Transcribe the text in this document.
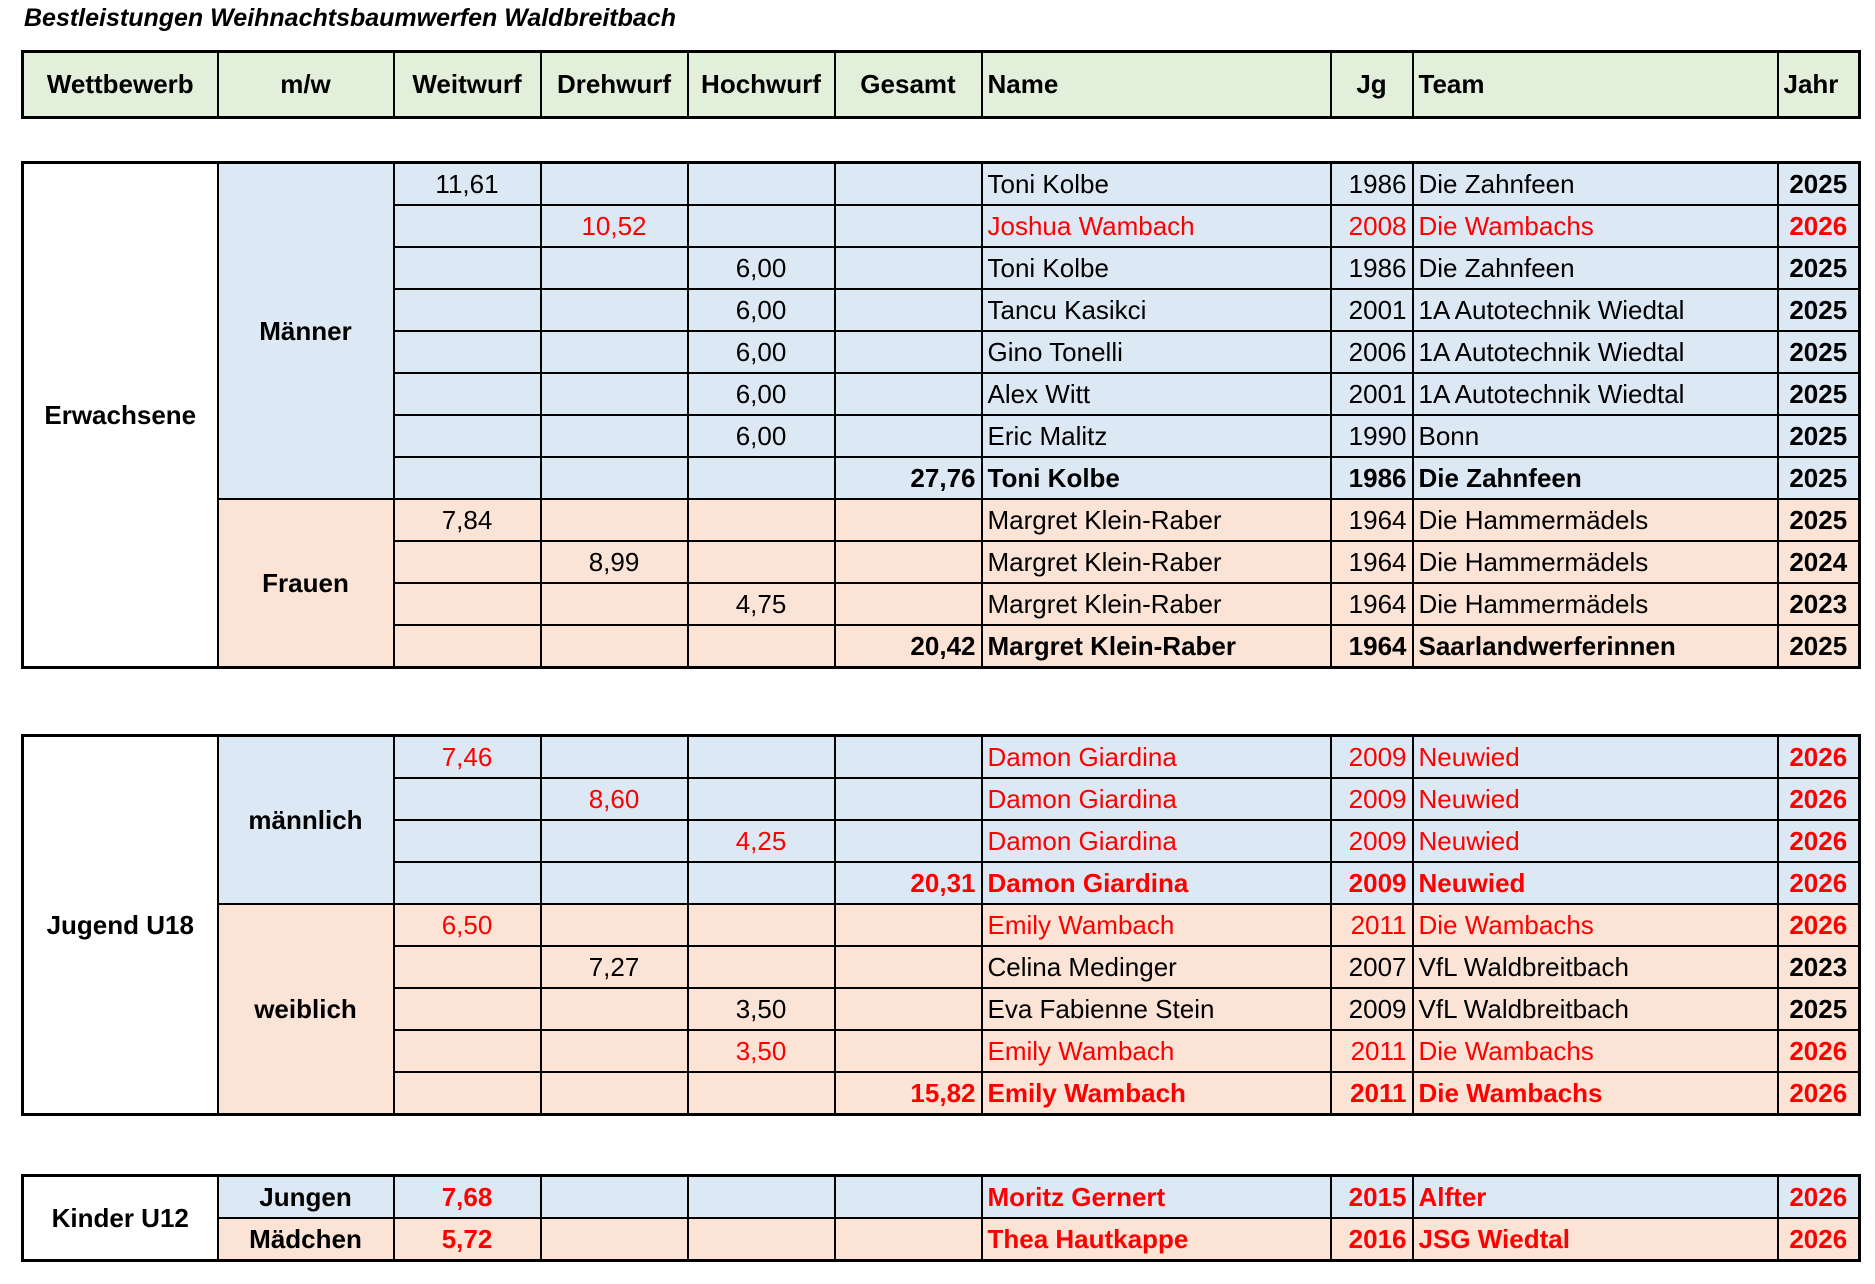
Bestleistungen Weihnachtsbaumwerfen Waldbreitbach
Wettbewerb	m/w	Weitwurf	Drehwurf	Hochwurf	Gesamt	Name	Jg	Team	Jahr
Erwachsene	Männer	11,61				Toni Kolbe	1986	Die Zahnfeen	2025
			10,52			Joshua Wambach	2008	Die Wambachs	2026
				6,00		Toni Kolbe	1986	Die Zahnfeen	2025
				6,00		Tancu Kasikci	2001	1A Autotechnik Wiedtal	2025
				6,00		Gino Tonelli	2006	1A Autotechnik Wiedtal	2025
				6,00		Alex Witt	2001	1A Autotechnik Wiedtal	2025
				6,00		Eric Malitz	1990	Bonn	2025
					27,76	Toni Kolbe	1986	Die Zahnfeen	2025
	Frauen	7,84				Margret Klein-Raber	1964	Die Hammermädels	2025
			8,99			Margret Klein-Raber	1964	Die Hammermädels	2024
				4,75		Margret Klein-Raber	1964	Die Hammermädels	2023
					20,42	Margret Klein-Raber	1964	Saarlandwerferinnen	2025
Jugend U18	männlich	7,46				Damon Giardina	2009	Neuwied	2026
			8,60			Damon Giardina	2009	Neuwied	2026
				4,25		Damon Giardina	2009	Neuwied	2026
					20,31	Damon Giardina	2009	Neuwied	2026
	weiblich	6,50				Emily Wambach	2011	Die Wambachs	2026
			7,27			Celina Medinger	2007	VfL Waldbreitbach	2023
				3,50		Eva Fabienne Stein	2009	VfL Waldbreitbach	2025
				3,50		Emily Wambach	2011	Die Wambachs	2026
					15,82	Emily Wambach	2011	Die Wambachs	2026
Kinder U12	Jungen	7,68				Moritz Gernert	2015	Alfter	2026
	Mädchen	5,72				Thea Hautkappe	2016	JSG Wiedtal	2026
